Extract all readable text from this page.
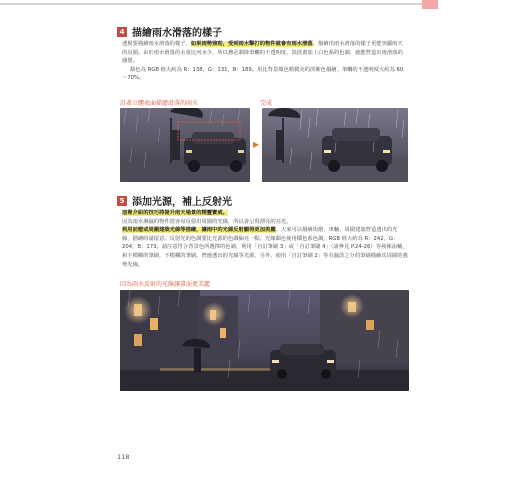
4 描繪雨水滑落的樣子

透視要描繪雨水滑落的樣子，如果雨勢強勁，受到雨水擊打的物件就會有雨水滑落。描繪出雨水滑落的樣子更能突顯雨天的氛圍。由於雨水滑落的水量比河水少，所以務必調降筆觸的不透明度，淡淡畫加上白色系的色調，就能營造出雨滑落的感覺。

顏色為 RGB 值大約為 R：138，G：131，B：189。用比背景顏色稍微亮的淡紫色描繪，筆觸的不透明度大約為 60～70%。

沿著立體表面描繪滑落的雨水	完成
▶
5 添加光源，補上反射光

這裡介紹的技巧將提升雨天場景的精靈寶威。

因為雨水淋濕的物件很容易反射出周圍的光線，所以會呈現漂亮的亮光。

利用前燈或周圍建築光線等描繪，讓雨中的光線反射顯得更加美麗。大家可以描繪街燈、車輛，周圍建築營造透出的光線，描繪時請留意。反射光的色調要比光源的色調偏亮一點。光線顏色使用橘色系色調，RGB 值大約為 R：242，G：204，B：173。請注意符合背景色所選擇的色調，利用「自訂筆刷 3」或「自訂筆刷 4」（請參見 P.24-26）等發揮添輔，和不模糊的筆刷，不模糊的筆刷。營運透出的光線等光源，另外，使用「自訂筆刷 2」等有濕淡之分的筆刷描繪其周圍的強勢光線。

因為雨水反射的光線讓畫面更美麗
118
